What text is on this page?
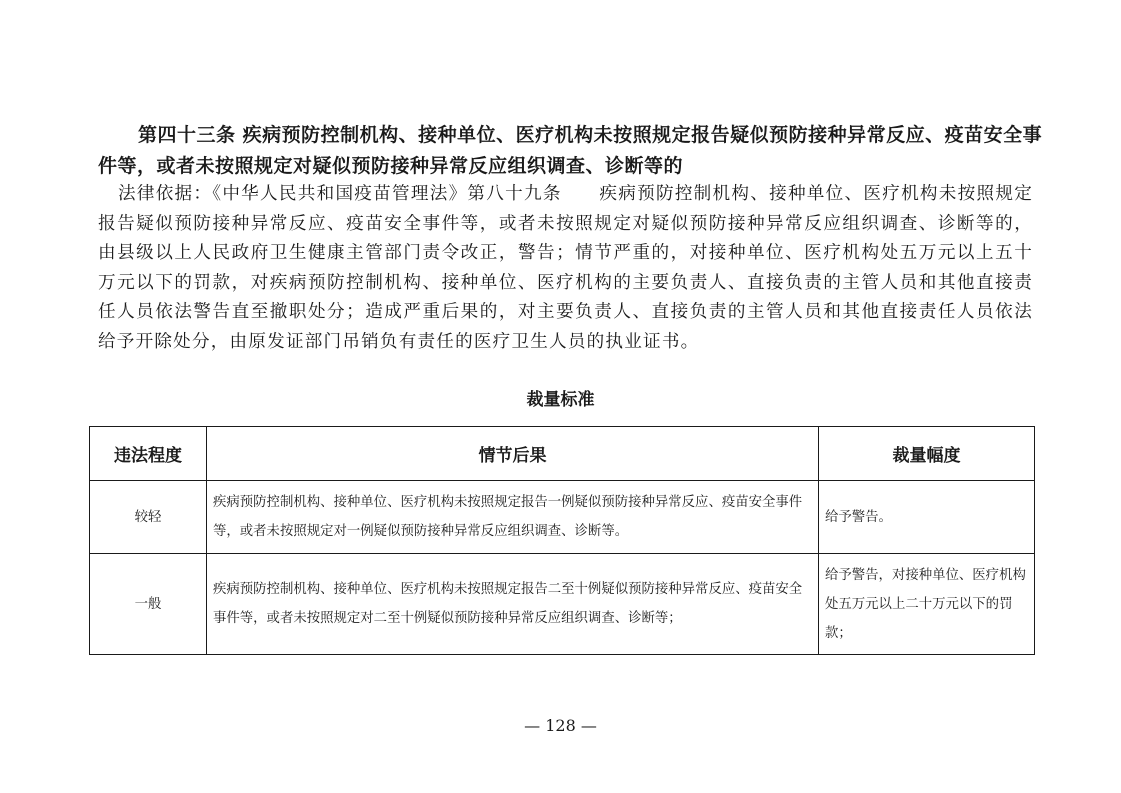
第四十三条 疾病预防控制机构、接种单位、医疗机构未按照规定报告疑似预防接种异常反应、疫苗安全事件等，或者未按照规定对疑似预防接种异常反应组织调查、诊断等的
法律依据：《中华人民共和国疫苗管理法》第八十九条　　疾病预防控制机构、接种单位、医疗机构未按照规定报告疑似预防接种异常反应、疫苗安全事件等，或者未按照规定对疑似预防接种异常反应组织调查、诊断等的，由县级以上人民政府卫生健康主管部门责令改正，警告；情节严重的，对接种单位、医疗机构处五万元以上五十万元以下的罚款，对疾病预防控制机构、接种单位、医疗机构的主要负责人、直接负责的主管人员和其他直接责任人员依法警告直至撤职处分；造成严重后果的，对主要负责人、直接负责的主管人员和其他直接责任人员依法给予开除处分，由原发证部门吊销负有责任的医疗卫生人员的执业证书。
裁量标准
违法程度	情节后果	裁量幅度
较轻	疾病预防控制机构、接种单位、医疗机构未按照规定报告一例疑似预防接种异常反应、疫苗安全事件等，或者未按照规定对一例疑似预防接种异常反应组织调查、诊断等。	给予警告。
一般	疾病预防控制机构、接种单位、医疗机构未按照规定报告二至十例疑似预防接种异常反应、疫苗安全事件等，或者未按照规定对二至十例疑似预防接种异常反应组织调查、诊断等；	给予警告，对接种单位、医疗机构处五万元以上二十万元以下的罚款；
— 128 —
